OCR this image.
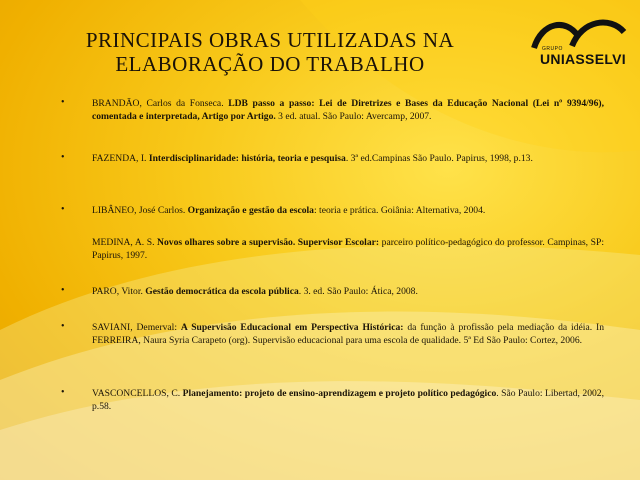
PRINCIPAIS OBRAS UTILIZADAS NA
ELABORAÇÃO DO TRABALHO
GRUPO
UNIASSELVI
•	BRANDÃO, Carlos da Fonseca. LDB passo a passo: Lei de Diretrizes e Bases da Educação Nacional (Lei nº 9394/96), comentada e interpretada, Artigo por Artigo. 3 ed. atual. São Paulo: Avercamp, 2007.
•	FAZENDA, I. Interdisciplinaridade: história, teoria e pesquisa. 3ª ed.Campinas São Paulo. Papirus, 1998, p.13.
•	LIBÂNEO, José Carlos. Organização e gestão da escola: teoria e prática. Goiânia: Alternativa, 2004.
MEDINA, A. S. Novos olhares sobre a supervisão. Supervisor Escolar: parceiro político-pedagógico do professor. Campinas, SP: Papirus, 1997.
•	PARO, Vitor. Gestão democrática da escola pública. 3. ed. São Paulo: Ática, 2008.
•	SAVIANI, Demerval: A Supervisão Educacional em Perspectiva Histórica: da função à profissão pela mediação da idéia. In FERREIRA, Naura Syria Carapeto (org). Supervisão educacional para uma escola de qualidade. 5ª Ed São Paulo: Cortez, 2006.
•	VASCONCELLOS, C. Planejamento: projeto de ensino-aprendizagem e projeto político pedagógico. São Paulo: Libertad, 2002, p.58.
